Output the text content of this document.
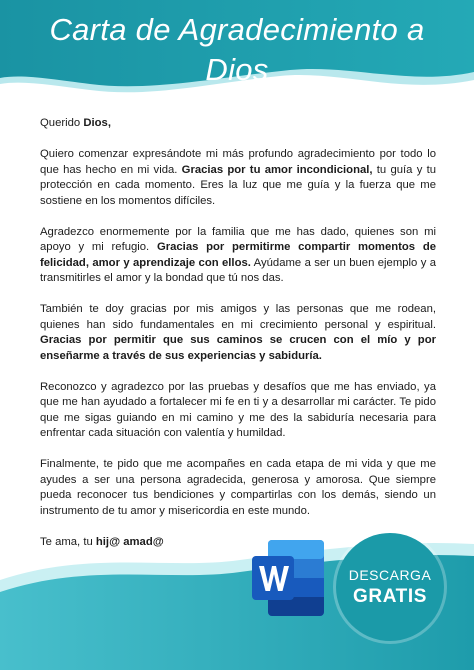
Carta de Agradecimiento a
Dios

Querido Dios,

Quiero comenzar expresándote mi más profundo agradecimiento por todo lo que has hecho en mi vida. Gracias por tu amor incondicional, tu guía y tu protección en cada momento. Eres la luz que me guía y la fuerza que me sostiene en los momentos difíciles.

Agradezco enormemente por la familia que me has dado, quienes son mi apoyo y mi refugio. Gracias por permitirme compartir momentos de felicidad, amor y aprendizaje con ellos. Ayúdame a ser un buen ejemplo y a transmitirles el amor y la bondad que tú nos das.

También te doy gracias por mis amigos y las personas que me rodean, quienes han sido fundamentales en mi crecimiento personal y espiritual. Gracias por permitir que sus caminos se crucen con el mío y por enseñarme a través de sus experiencias y sabiduría.

Reconozco y agradezco por las pruebas y desafíos que me has enviado, ya que me han ayudado a fortalecer mi fe en ti y a desarrollar mi carácter. Te pido que me sigas guiando en mi camino y me des la sabiduría necesaria para enfrentar cada situación con valentía y humildad.

Finalmente, te pido que me acompañes en cada etapa de mi vida y que me ayudes a ser una persona agradecida, generosa y amorosa. Que siempre pueda reconocer tus bendiciones y compartirlas con los demás, siendo un instrumento de tu amor y misericordia en este mundo.

Te ama, tu hij@ amad@

DESCARGA
GRATIS
